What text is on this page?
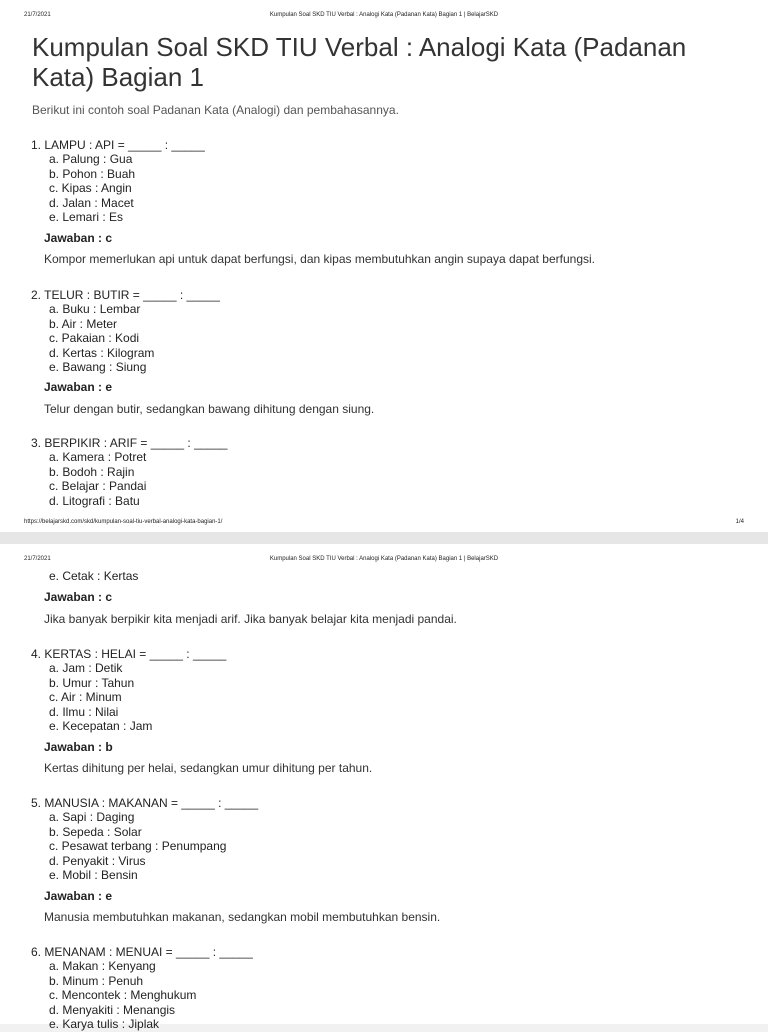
21/7/2021	Kumpulan Soal SKD TIU Verbal : Analogi Kata (Padanan Kata) Bagian 1 | BelajarSKD
Kumpulan Soal SKD TIU Verbal : Analogi Kata (Padanan Kata) Bagian 1

Berikut ini contoh soal Padanan Kata (Analogi) dan pembahasannya.

1. LAMPU : API = _____ : _____

a. Palung : Gua
b. Pohon : Buah
c. Kipas : Angin
d. Jalan : Macet
e. Lemari : Es

Jawaban : c

Kompor memerlukan api untuk dapat berfungsi, dan kipas membutuhkan angin supaya dapat berfungsi.

2. TELUR : BUTIR = _____ : _____

a. Buku : Lembar
b. Air : Meter
c. Pakaian : Kodi
d. Kertas : Kilogram
e. Bawang : Siung

Jawaban : e

Telur dengan butir, sedangkan bawang dihitung dengan siung.

3. BERPIKIR : ARIF = _____ : _____

a. Kamera : Potret
b. Bodoh : Rajin
c. Belajar : Pandai
d. Litografi : Batu
https://belajarskd.com/skd/kumpulan-soal-tiu-verbal-analogi-kata-bagian-1/	1/4
21/7/2021	Kumpulan Soal SKD TIU Verbal : Analogi Kata (Padanan Kata) Bagian 1 | BelajarSKD
e. Cetak : Kertas

Jawaban : c

Jika banyak berpikir kita menjadi arif. Jika banyak belajar kita menjadi pandai.

4. KERTAS : HELAI = _____ : _____

a. Jam : Detik
b. Umur : Tahun
c. Air : Minum
d. Ilmu : Nilai
e. Kecepatan : Jam

Jawaban : b

Kertas dihitung per helai, sedangkan umur dihitung per tahun.

5. MANUSIA : MAKANAN = _____ : _____

a. Sapi : Daging
b. Sepeda : Solar
c. Pesawat terbang : Penumpang
d. Penyakit : Virus
e. Mobil : Bensin

Jawaban : e

Manusia membutuhkan makanan, sedangkan mobil membutuhkan bensin.

6. MENANAM : MENUAI = _____ : _____

a. Makan : Kenyang
b. Minum : Penuh
c. Mencontek : Menghukum
d. Menyakiti : Menangis
e. Karya tulis : Jiplak
